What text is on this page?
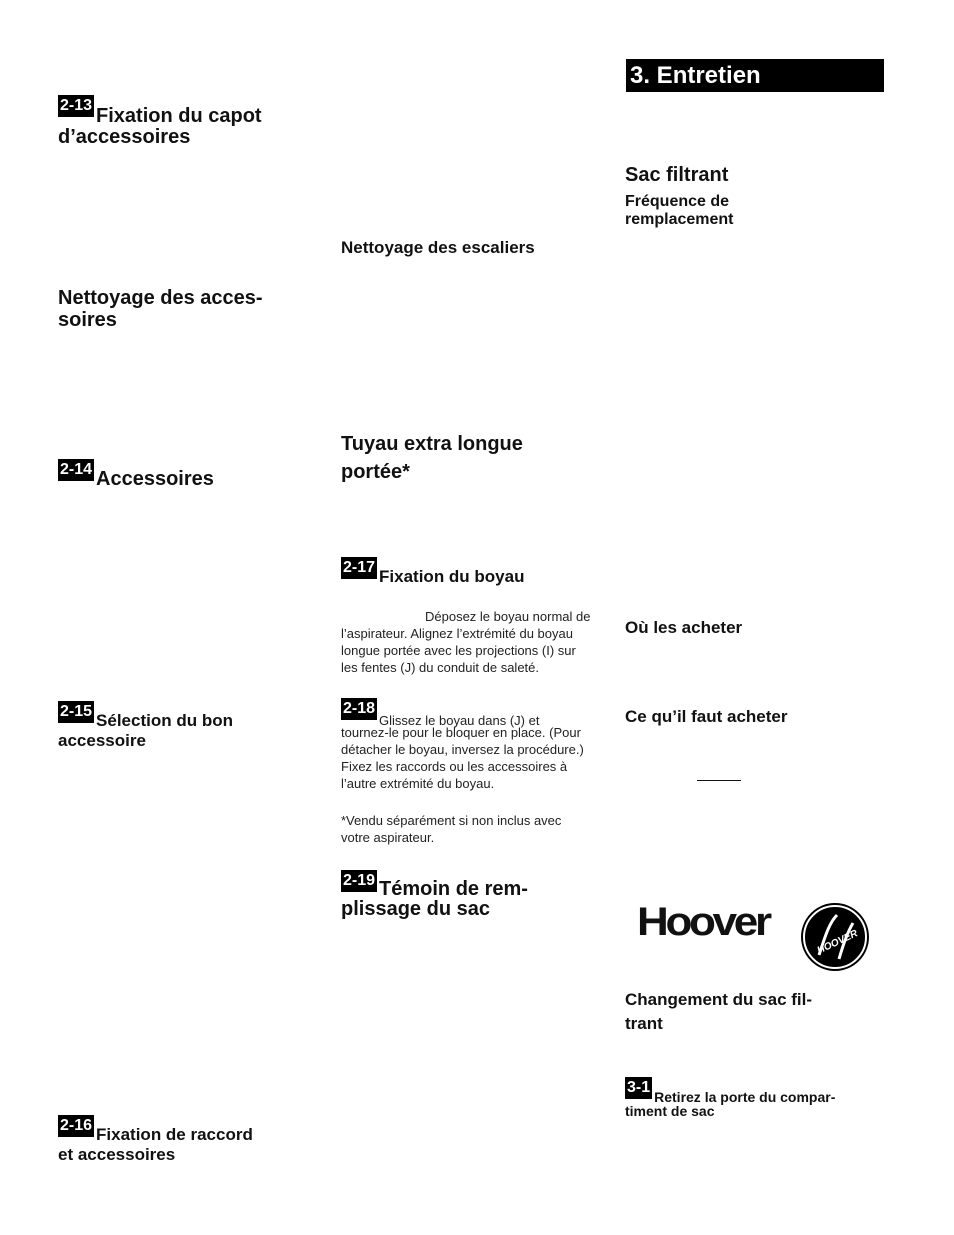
3. Entretien
2-13 Fixation du capot
d’accessoires
Nettoyage des acces-
soires
2-14 Accessoires
2-15 Sélection du bon
accessoire
2-16 Fixation de raccord
et accessoires
Nettoyage des escaliers
Tuyau extra longue
portée*
2-17 Fixation du boyau
Déposez le boyau normal de
l’aspirateur. Alignez l’extrémité du boyau
longue portée avec les projections (I) sur
les fentes (J) du conduit de saleté.
$2-18_{Glissez le boyau dans (J) et}$
tournez-le pour le bloquer en place. (Pour
détacher le boyau, inversez la procédure.)
Fixez les raccords ou les accessoires à
l’autre extrémité du boyau.
*Vendu séparément si non inclus avec
votre aspirateur.
2-19 Témoin de rem-
plissage du sac
Sac filtrant
Fréquence de
remplacement
Où les acheter
Ce qu’il faut acheter
Hoover	HOOVER
Changement du sac fil-
trant
3-1Retirez la porte du compar-
timent de sac
